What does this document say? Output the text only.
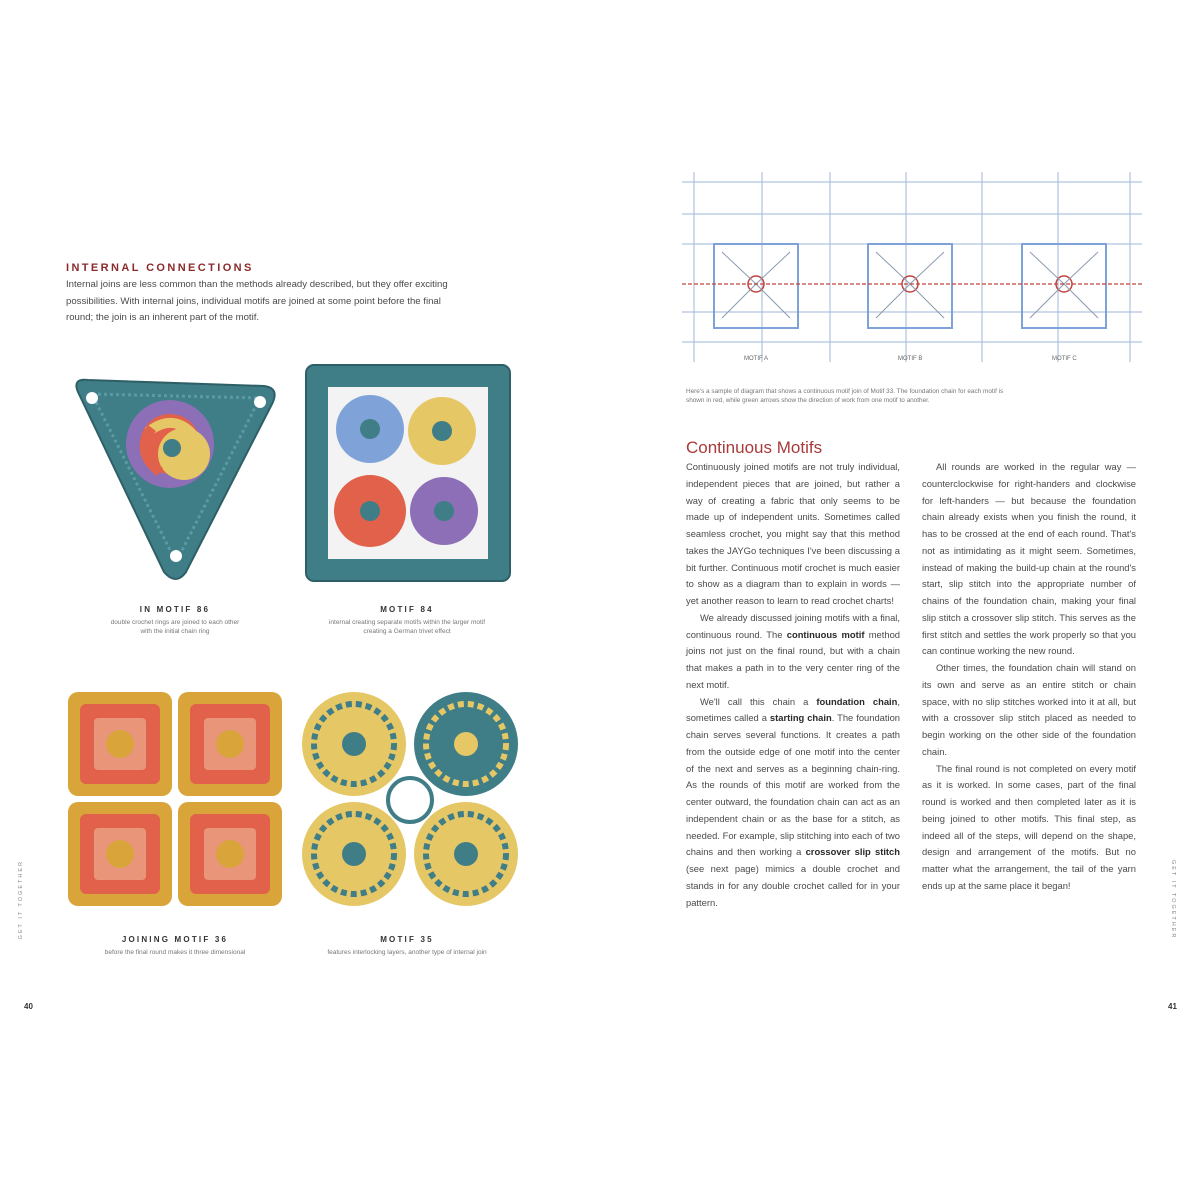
INTERNAL CONNECTIONS
Internal joins are less common than the methods already described, but they offer exciting
possibilities. With internal joins, individual motifs are joined at some point before the final
round; the join is an inherent part of the motif.
IN MOTIF 86
double crochet rings are joined to each other
with the initial chain ring
MOTIF 84
internal creating separate motifs within the larger motif
creating a German trivet effect
JOINING MOTIF 36
before the final round makes it three dimensional
MOTIF 35
features interlocking layers, another type of internal join
GET IT TOGETHER
40
MOTIF A	MOTIF B	MOTIF C
Here's a sample of diagram that shows a continuous motif join of Motif 33. The foundation chain for each motif is
shown in red, while green arrows show the direction of work from one motif to another.
Continuous Motifs

Continuously joined motifs are not truly individual, independent pieces that are joined, but rather a way of creating a fabric that only seems to be made up of independent units. Sometimes called seamless crochet, you might say that this method takes the JAYGo techniques I've been discussing a bit further. Continuous motif crochet is much easier to show as a diagram than to explain in words — yet another reason to learn to read crochet charts!

We already discussed joining motifs with a final, continuous round. The continuous motif method joins not just on the final round, but with a chain that makes a path in to the very center ring of the next motif.

We'll call this chain a foundation chain, sometimes called a starting chain. The foundation chain serves several functions. It creates a path from the outside edge of one motif into the center of the next and serves as a beginning chain-ring. As the rounds of this motif are worked from the center outward, the foundation chain can act as an independent chain or as the base for a stitch, as needed. For example, slip stitching into each of two chains and then working a crossover slip stitch (see next page) mimics a double crochet and stands in for any double crochet called for in your pattern.

All rounds are worked in the regular way — counterclockwise for right-handers and clockwise for left-handers — but because the foundation chain already exists when you finish the round, it has to be crossed at the end of each round. That's not as intimidating as it might seem. Sometimes, instead of making the build-up chain at the round's start, slip stitch into the appropriate number of chains of the foundation chain, making your final slip stitch a crossover slip stitch. This serves as the first stitch and settles the work properly so that you can continue working the new round.

Other times, the foundation chain will stand on its own and serve as an entire stitch or chain space, with no slip stitches worked into it at all, but with a crossover slip stitch placed as needed to begin working on the other side of the foundation chain.

The final round is not completed on every motif as it is worked. In some cases, part of the final round is worked and then completed later as it is being joined to other motifs. This final step, as indeed all of the steps, will depend on the shape, design and arrangement of the motifs. But no matter what the arrangement, the tail of the yarn ends up at the same place it began!	GET IT TOGETHER
41
